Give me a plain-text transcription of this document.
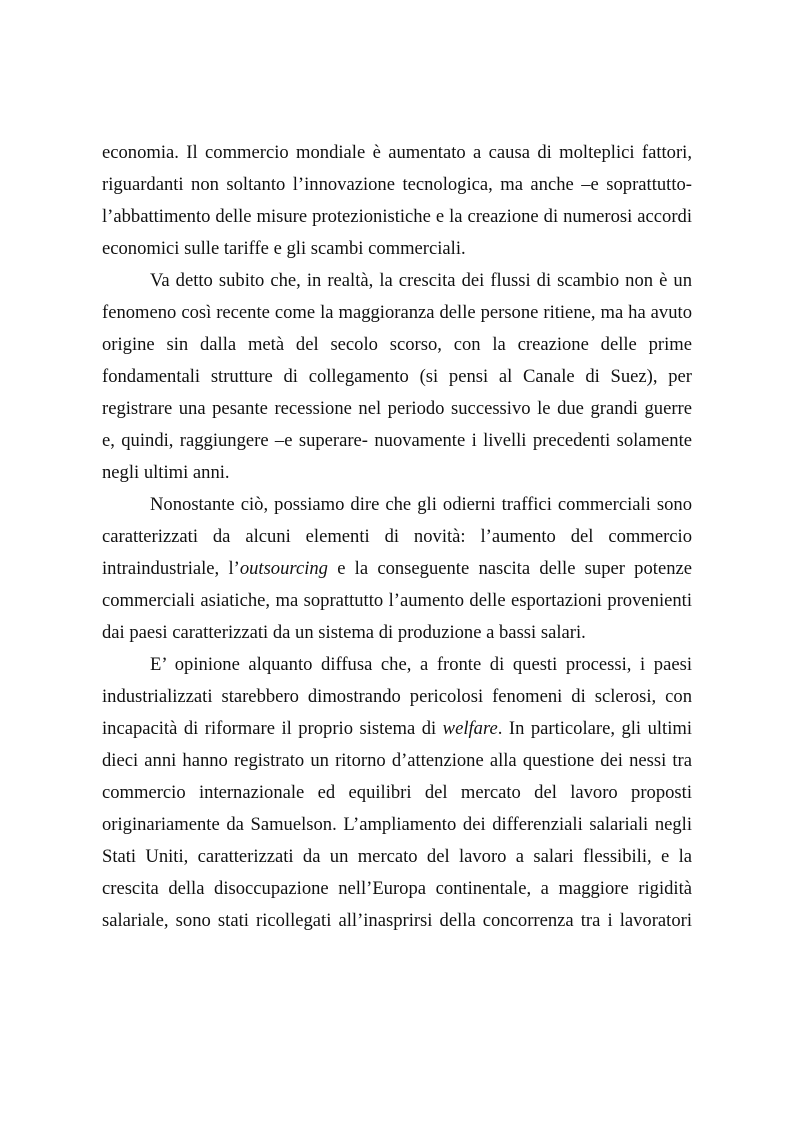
economia. Il commercio mondiale è aumentato a causa di molteplici fattori,
riguardanti non soltanto l’innovazione tecnologica, ma anche –e soprattutto-
l’abbattimento delle misure protezionistiche e la creazione di numerosi accordi
economici sulle tariffe e gli scambi commerciali.
Va detto subito che, in realtà, la crescita dei flussi di scambio non è un
fenomeno così recente come la maggioranza delle persone ritiene, ma ha avuto
origine sin dalla metà del secolo scorso, con la creazione delle prime
fondamentali strutture di collegamento (si pensi al Canale di Suez), per
registrare una pesante recessione nel periodo successivo le due grandi guerre
e, quindi, raggiungere –e superare- nuovamente i livelli precedenti solamente
negli ultimi anni.
Nonostante ciò, possiamo dire che gli odierni traffici commerciali sono
caratterizzati da alcuni elementi di novità: l’aumento del commercio
intraindustriale, l’outsourcing e la conseguente nascita delle super potenze
commerciali asiatiche, ma soprattutto l’aumento delle esportazioni provenienti
dai paesi caratterizzati da un sistema di produzione a bassi salari.
E’ opinione alquanto diffusa che, a fronte di questi processi, i paesi
industrializzati starebbero dimostrando pericolosi fenomeni di sclerosi, con
incapacità di riformare il proprio sistema di welfare. In particolare, gli ultimi
dieci anni hanno registrato un ritorno d’attenzione alla questione dei nessi tra
commercio internazionale ed equilibri del mercato del lavoro proposti
originariamente da Samuelson. L’ampliamento dei differenziali salariali negli
Stati Uniti, caratterizzati da un mercato del lavoro a salari flessibili, e la
crescita della disoccupazione nell’Europa continentale, a maggiore rigidità
salariale, sono stati ricollegati all’inasprirsi della concorrenza tra i lavoratori
